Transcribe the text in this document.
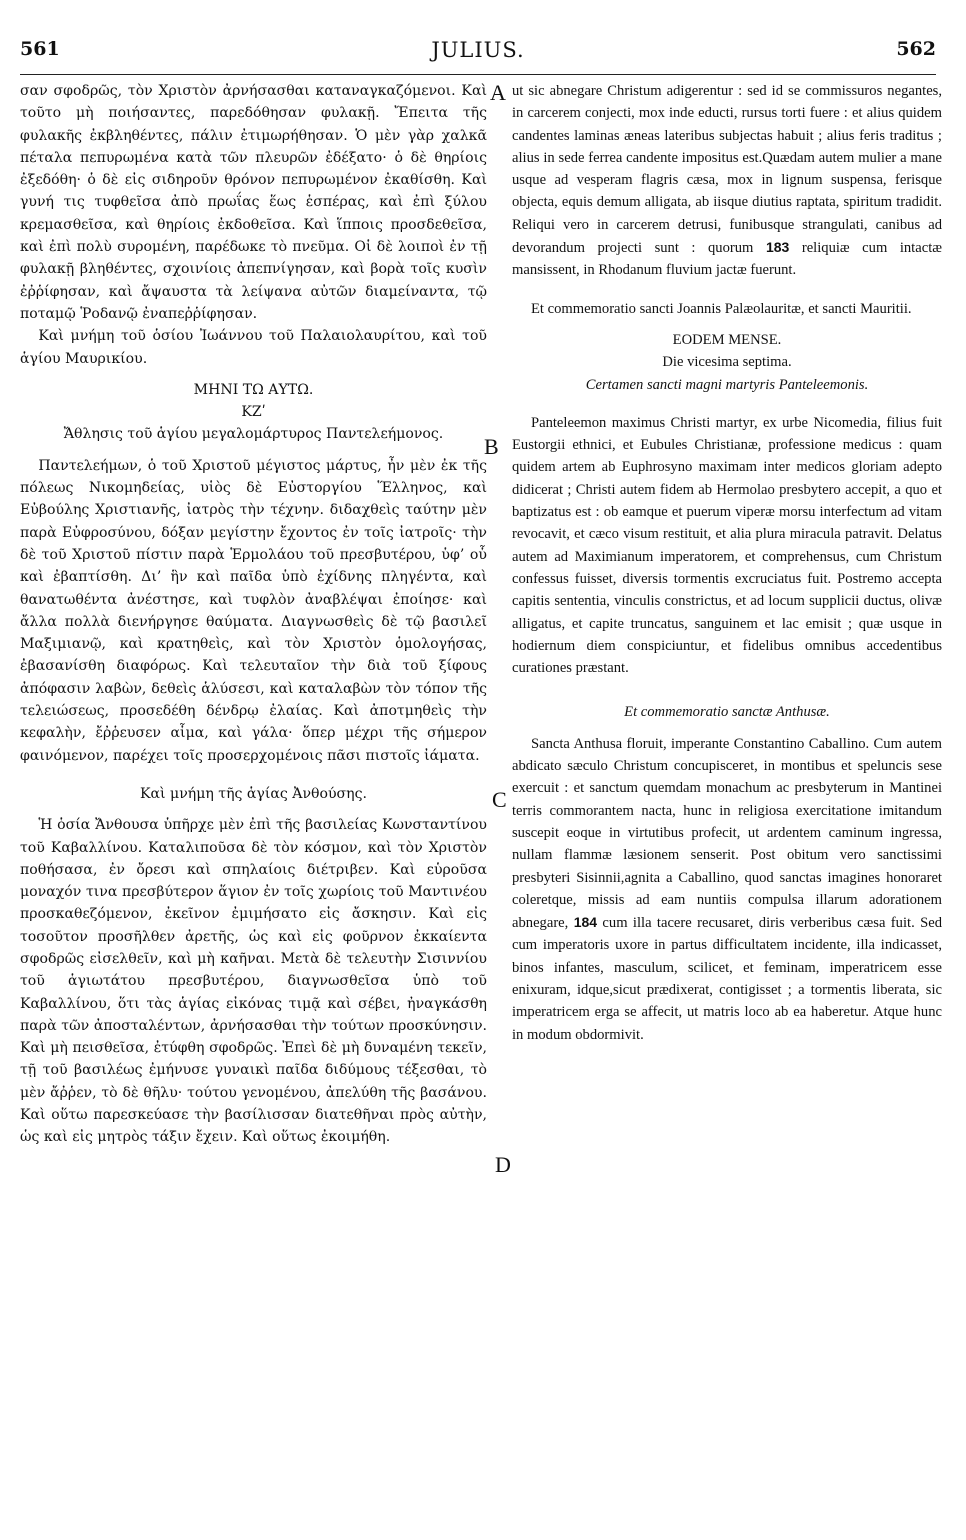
561	JULIUS.	562
A
B
C
D

σαν σφοδρῶς, τὸν Χριστὸν ἀρνήσασθαι καταναγκαζόμενοι. Καὶ τοῦτο μὴ ποιήσαντες, παρεδόθησαν φυλακῇ. Ἔπειτα τῆς φυλακῆς ἐκβληθέντες, πάλιν ἐτιμωρήθησαν. Ὁ μὲν γὰρ χαλκᾶ πέταλα πεπυρωμένα κατὰ τῶν πλευρῶν ἐδέξατο· ὁ δὲ θηρίοις ἐξεδόθη· ὁ δὲ εἰς σιδηροῦν θρόνον πεπυρωμένον ἐκαθίσθη. Καὶ γυνή τις τυφθεῖσα ἀπὸ πρωΐας ἕως ἑσπέρας, καὶ ἐπὶ ξύλου κρεμασθεῖσα, καὶ θηρίοις ἐκδοθεῖσα. Καὶ ἵπποις προσδεθεῖσα, καὶ ἐπὶ πολὺ συρομένη, παρέδωκε τὸ πνεῦμα. Οἱ δὲ λοιποὶ ἐν τῇ φυλακῇ βληθέντες, σχοινίοις ἀπεπνίγησαν, καὶ βορὰ τοῖς κυσὶν ἐῤῥίφησαν, καὶ ἄψαυστα τὰ λείψανα αὐτῶν διαμείναντα, τῷ ποταμῷ Ῥοδανῷ ἐναπεῤῥίφησαν.

Καὶ μνήμη τοῦ ὁσίου Ἰωάννου τοῦ Παλαιολαυρίτου, καὶ τοῦ ἁγίου Μαυρικίου.

ΜΗΝΙ ΤΩ ΑΥΤΩ.

ΚΖʹ

Ἄθλησις τοῦ ἁγίου μεγαλομάρτυρος Παντελεήμονος.

Παντελεήμων, ὁ τοῦ Χριστοῦ μέγιστος μάρτυς, ἦν μὲν ἐκ τῆς πόλεως Νικομηδείας, υἱὸς δὲ Εὐστοργίου Ἕλληνος, καὶ Εὐβούλης Χριστιανῆς, ἰατρὸς τὴν τέχνην. διδαχθεὶς ταύτην μὲν παρὰ Εὐφροσύνου, δόξαν μεγίστην ἔχοντος ἐν τοῖς ἰατροῖς· τὴν δὲ τοῦ Χριστοῦ πίστιν παρὰ Ἑρμολάου τοῦ πρεσβυτέρου, ὑφ’ οὗ καὶ ἐβαπτίσθη. Δι’ ἣν καὶ παῖδα ὑπὸ ἐχίδνης πληγέντα, καὶ θανατωθέντα ἀνέστησε, καὶ τυφλὸν ἀναβλέψαι ἐποίησε· καὶ ἄλλα πολλὰ διενήργησε θαύματα. Διαγνωσθεὶς δὲ τῷ βασιλεῖ Μαξιμιανῷ, καὶ κρατηθεὶς, καὶ τὸν Χριστὸν ὁμολογήσας, ἐβασανίσθη διαφόρως. Καὶ τελευταῖον τὴν διὰ τοῦ ξίφους ἀπόφασιν λαβὼν, δεθεὶς ἁλύσεσι, καὶ καταλαβὼν τὸν τόπον τῆς τελειώσεως, προσεδέθη δένδρῳ ἐλαίας. Καὶ ἀποτμηθεὶς τὴν κεφαλὴν, ἔῤῥευσεν αἷμα, καὶ γάλα· ὅπερ μέχρι τῆς σήμερον φαινόμενον, παρέχει τοῖς προσερχομένοις πᾶσι πιστοῖς ἰάματα.

Καὶ μνήμη τῆς ἁγίας Ἀνθούσης.

Ἡ ὁσία Ἄνθουσα ὑπῆρχε μὲν ἐπὶ τῆς βασιλείας Κωνσταντίνου τοῦ Καβαλλίνου. Καταλιποῦσα δὲ τὸν κόσμον, καὶ τὸν Χριστὸν ποθήσασα, ἐν ὄρεσι καὶ σπηλαίοις διέτριβεν. Καὶ εὑροῦσα μοναχόν τινα πρεσβύτερον ἅγιον ἐν τοῖς χωρίοις τοῦ Μαντινέου προσκαθεζόμενον, ἐκεῖνον ἐμιμήσατο εἰς ἄσκησιν. Καὶ εἰς τοσοῦτον προσῆλθεν ἀρετῆς, ὡς καὶ εἰς φοῦρνον ἐκκαίεντα σφοδρῶς εἰσελθεῖν, καὶ μὴ καῆναι. Μετὰ δὲ τελευτὴν Σισιννίου τοῦ ἁγιωτάτου πρεσβυτέρου, διαγνωσθεῖσα ὑπὸ τοῦ Καβαλλίνου, ὅτι τὰς ἁγίας εἰκόνας τιμᾷ καὶ σέβει, ἠναγκάσθη παρὰ τῶν ἀποσταλέντων, ἀρνήσασθαι τὴν τούτων προσκύνησιν. Καὶ μὴ πεισθεῖσα, ἐτύφθη σφοδρῶς. Ἐπεὶ δὲ μὴ δυναμένη τεκεῖν, τῇ τοῦ βασιλέως ἐμήνυσε γυναικὶ παῖδα διδύμους τέξεσθαι, τὸ μὲν ἄῤῥεν, τὸ δὲ θῆλυ· τούτου γενομένου, ἀπελύθη τῆς βασάνου. Καὶ οὕτω παρεσκεύασε τὴν βασίλισσαν διατεθῆναι πρὸς αὐτὴν, ὡς καὶ εἰς μητρὸς τάξιν ἔχειν. Καὶ οὕτως ἐκοιμήθη.

ut sic abnegare Christum adigerentur : sed id se commissuros negantes, in carcerem conjecti, mox inde educti, rursus torti fuere : et alius quidem candentes laminas æneas lateribus subjectas habuit ; alius feris traditus ; alius in sede ferrea candente impositus est.Quædam autem mulier a mane usque ad vesperam flagris cæsa, mox in lignum suspensa, ferisque objecta, equis demum alligata, ab iisque diutius raptata, spiritum tradidit. Reliqui vero in carcerem detrusi, funibusque strangulati, canibus ad devorandum projecti sunt : quorum 183 reliquiæ cum intactæ mansissent, in Rhodanum fluvium jactæ fuerunt.

Et commemoratio sancti Joannis Palæolauritæ, et sancti Mauritii.

EODEM MENSE.

Die vicesima septima.

Certamen sancti magni martyris Panteleemonis.

Panteleemon maximus Christi martyr, ex urbe Nicomedia, filius fuit Eustorgii ethnici, et Eubules Christianæ, professione medicus : quam quidem artem ab Euphrosyno maximam inter medicos gloriam adepto didicerat ; Christi autem fidem ab Hermolao presbytero accepit, a quo et baptizatus est : ob eamque et puerum viperæ morsu interfectum ad vitam revocavit, et cæco visum restituit, et alia plura miracula patravit. Delatus autem ad Maximianum imperatorem, et comprehensus, cum Christum confessus fuisset, diversis tormentis excruciatus fuit. Postremo accepta capitis sententia, vinculis constrictus, et ad locum supplicii ductus, olivæ alligatus, et capite truncatus, sanguinem et lac emisit ; quæ usque in hodiernum diem conspiciuntur, et fidelibus omnibus accedentibus curationes præstant.

Et commemoratio sanctæ Anthusæ.

Sancta Anthusa floruit, imperante Constantino Caballino. Cum autem abdicato sæculo Christum concupisceret, in montibus et speluncis sese exercuit : et sanctum quemdam monachum ac presbyterum in Mantinei terris commorantem nacta, hunc in religiosa exercitatione imitandum suscepit eoque in virtutibus profecit, ut ardentem caminum ingressa, nullam flammæ læsionem senserit. Post obitum vero sanctissimi presbyteri Sisinnii,agnita a Caballino, quod sanctas imagines honoraret coleretque, missis ad eam nuntiis compulsa illarum adorationem abnegare, 184 cum illa tacere recusaret, diris verberibus cæsa fuit. Sed cum imperatoris uxore in partus difficultatem incidente, illa indicasset, binos infantes, masculum, scilicet, et feminam, imperatricem esse enixuram, idque,sicut prædixerat, contigisset ; a tormentis liberata, sic imperatricem erga se affecit, ut matris loco ab ea haberetur. Atque hunc in modum obdormivit.
